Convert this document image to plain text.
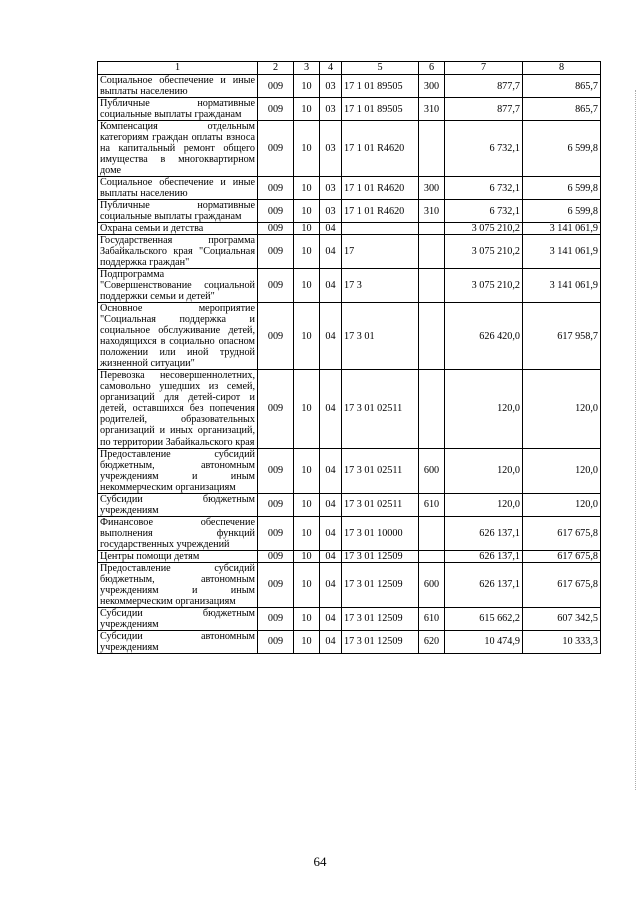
1	2	3	4	5	6	7	8
Социальное обеспечение и иные выплаты населению	009	10	03	17 1 01 89505	300	877,7	865,7
Публичные нормативные социальные выплаты гражданам	009	10	03	17 1 01 89505	310	877,7	865,7
Компенсация отдельным категориям граждан оплаты взноса на капитальный ремонт общего имущества в многоквартирном доме	009	10	03	17 1 01 R4620		6 732,1	6 599,8
Социальное обеспечение и иные выплаты населению	009	10	03	17 1 01 R4620	300	6 732,1	6 599,8
Публичные нормативные социальные выплаты гражданам	009	10	03	17 1 01 R4620	310	6 732,1	6 599,8
Охрана семьи и детства	009	10	04			3 075 210,2	3 141 061,9
Государственная программа Забайкальского края "Социальная поддержка граждан"	009	10	04	17		3 075 210,2	3 141 061,9
Подпрограмма "Совершенствование социальной поддержки семьи и детей"	009	10	04	17 3		3 075 210,2	3 141 061,9
Основное мероприятие "Социальная поддержка и социальное обслуживание детей, находящихся в социально опасном положении или иной трудной жизненной ситуации"	009	10	04	17 3 01		626 420,0	617 958,7
Перевозка несовершеннолетних, самовольно ушедших из семей, организаций для детей-сирот и детей, оставшихся без попечения родителей, образовательных организаций и иных организаций, по территории Забайкальского края	009	10	04	17 3 01 02511		120,0	120,0
Предоставление субсидий бюджетным, автономным учреждениям и иным некоммерческим организациям	009	10	04	17 3 01 02511	600	120,0	120,0
Субсидии бюджетным учреждениям	009	10	04	17 3 01 02511	610	120,0	120,0
Финансовое обеспечение выполнения функций государственных учреждений	009	10	04	17 3 01 10000		626 137,1	617 675,8
Центры помощи детям	009	10	04	17 3 01 12509		626 137,1	617 675,8
Предоставление субсидий бюджетным, автономным учреждениям и иным некоммерческим организациям	009	10	04	17 3 01 12509	600	626 137,1	617 675,8
Субсидии бюджетным учреждениям	009	10	04	17 3 01 12509	610	615 662,2	607 342,5
Субсидии автономным учреждениям	009	10	04	17 3 01 12509	620	10 474,9	10 333,3
64
